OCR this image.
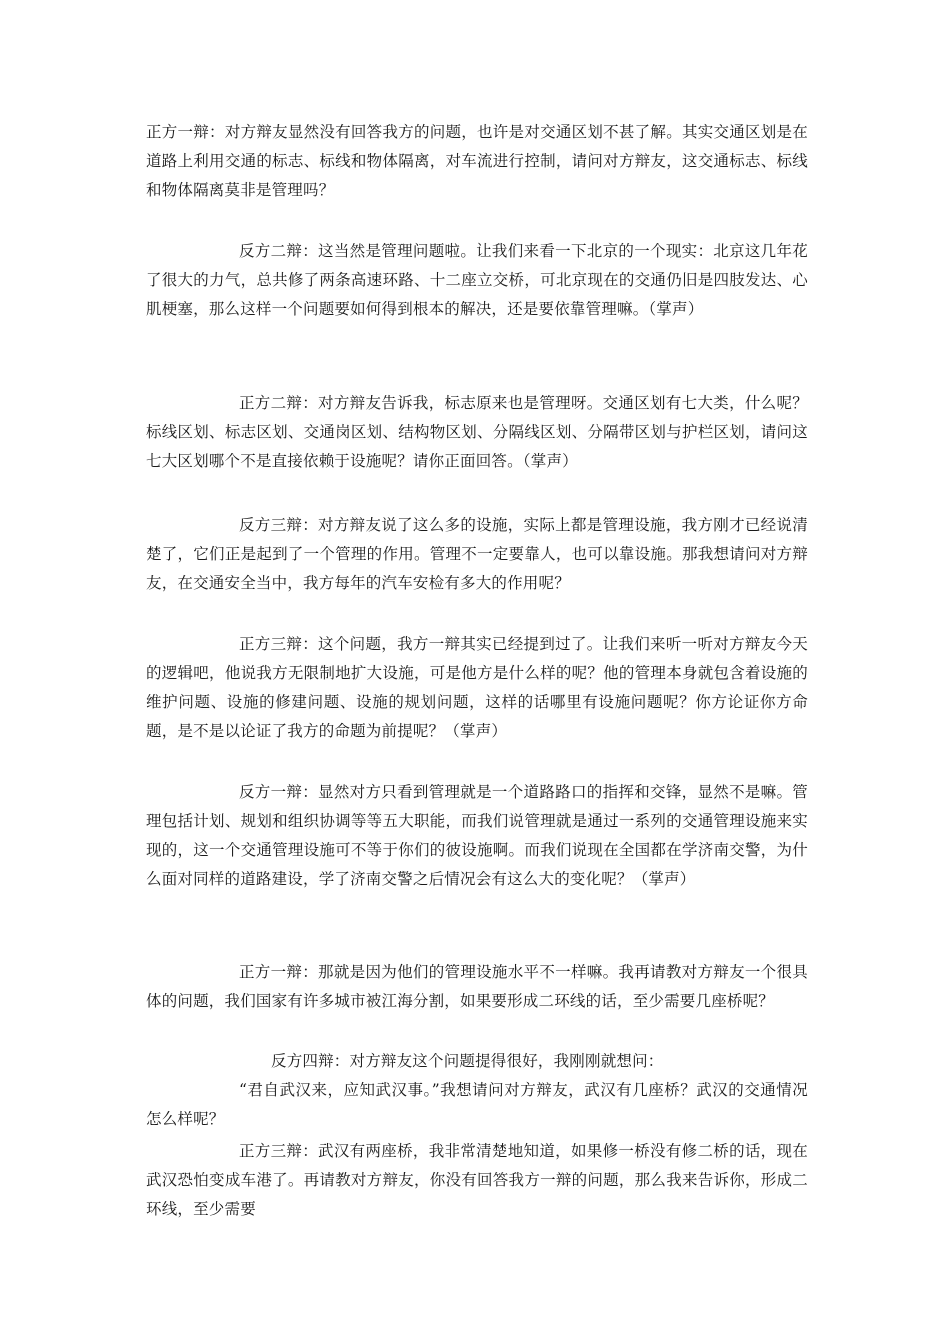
正方一辩：对方辩友显然没有回答我方的问题，也许是对交通区划不甚了解。其实交通区划是在道路上利用交通的标志、标线和物体隔离，对车流进行控制，请问对方辩友，这交通标志、标线和物体隔离莫非是管理吗？

反方二辩：这当然是管理问题啦。让我们来看一下北京的一个现实：北京这几年花了很大的力气，总共修了两条高速环路、十二座立交桥，可北京现在的交通仍旧是四肢发达、心肌梗塞，那么这样一个问题要如何得到根本的解决，还是要依靠管理嘛。（掌声）

正方二辩：对方辩友告诉我，标志原来也是管理呀。交通区划有七大类，什么呢？标线区划、标志区划、交通岗区划、结构物区划、分隔线区划、分隔带区划与护栏区划，请问这七大区划哪个不是直接依赖于设施呢？请你正面回答。（掌声）

反方三辩：对方辩友说了这么多的设施，实际上都是管理设施，我方刚才已经说清楚了，它们正是起到了一个管理的作用。管理不一定要靠人，也可以靠设施。那我想请问对方辩友，在交通安全当中，我方每年的汽车安检有多大的作用呢？

正方三辩：这个问题，我方一辩其实已经提到过了。让我们来听一听对方辩友今天的逻辑吧，他说我方无限制地扩大设施，可是他方是什么样的呢？他的管理本身就包含着设施的维护问题、设施的修建问题、设施的规划问题，这样的话哪里有设施问题呢？你方论证你方命题，是不是以论证了我方的命题为前提呢？（掌声）

反方一辩：显然对方只看到管理就是一个道路路口的指挥和交锋，显然不是嘛。管理包括计划、规划和组织协调等等五大职能，而我们说管理就是通过一系列的交通管理设施来实现的，这一个交通管理设施可不等于你们的彼设施啊。而我们说现在全国都在学济南交警，为什么面对同样的道路建设，学了济南交警之后情况会有这么大的变化呢？（掌声）

正方一辩：那就是因为他们的管理设施水平不一样嘛。我再请教对方辩友一个很具体的问题，我们国家有许多城市被江海分割，如果要形成二环线的话，至少需要几座桥呢？

反方四辩：对方辩友这个问题提得很好，我刚刚就想问：

“君自武汉来，应知武汉事。”我想请问对方辩友，武汉有几座桥？武汉的交通情况怎么样呢？

正方三辩：武汉有两座桥，我非常清楚地知道，如果修一桥没有修二桥的话，现在武汉恐怕变成车港了。再请教对方辩友，你没有回答我方一辩的问题，那么我来告诉你，形成二环线，至少需要
